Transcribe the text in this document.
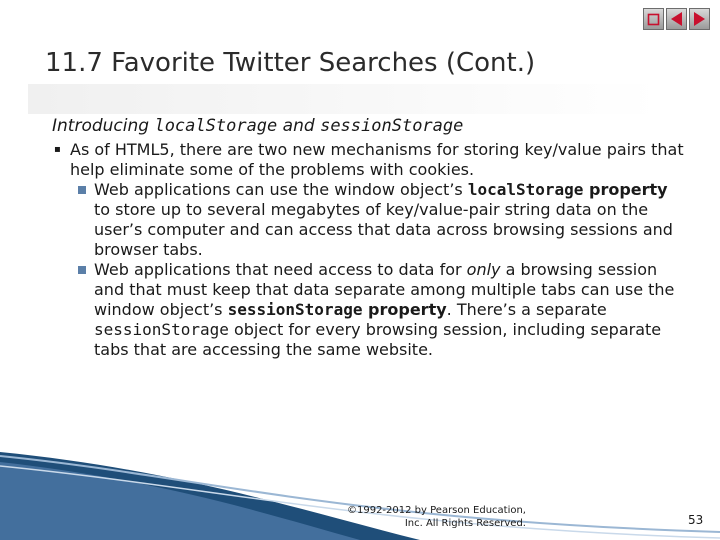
11.7 Favorite Twitter Searches (Cont.)
Introducing localStorage and sessionStorage
▪ As of HTML5, there are two new mechanisms for storing key/value pairs that help eliminate some of the problems with cookies.
Web applications can use the window object’s localStorage property to store up to several megabytes of key/value-pair string data on the user’s computer and can access that data across browsing sessions and browser tabs.
Web applications that need access to data for only a browsing session and that must keep that data separate among multiple tabs can use the window object’s sessionStorage property. There’s a separate sessionStorage object for every browsing session, including separate tabs that are accessing the same website.
©1992-2012 by Pearson Education,
Inc. All Rights Reserved.	53
